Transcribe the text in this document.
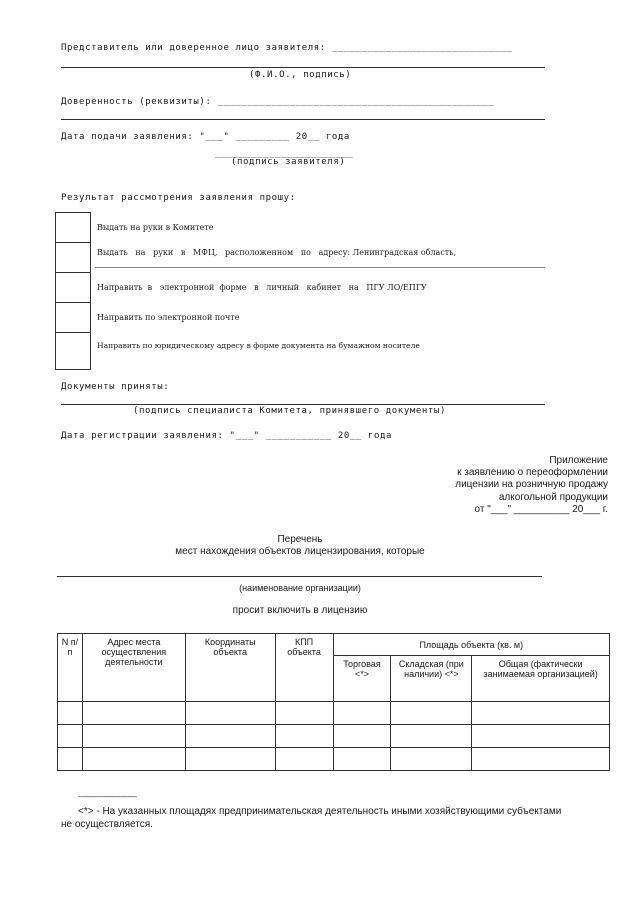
Представитель или доверенное лицо заявителя: ______________________________
(Ф.И.О., подпись)
Доверенность (реквизиты): ______________________________________________
Дата подачи заявления: "___" _________ 20__ года
_______________________
(подпись заявителя)
Результат рассмотрения заявления прошу:
Выдать на руки в Комитете
Выдать   на   руки   в   МФЦ,   расположенном   по   адресу: Ленинградская область,
Направить  в   электронной  форме   в   личный   кабинет   на   ПГУ ЛО/ЕПГУ
Направить по электронной почте
Направить по юридическому адресу в форме документа на бумажном носителе
Документы приняты:
(подпись специалиста Комитета, принявшего документы)
Дата регистрации заявления: "___" ___________ 20__ года
Приложение
к заявлению о переоформлении
лицензии на розничную продажу
алкогольной продукции
от "___" __________ 20___ г.
Перечень
мест нахождения объектов лицензирования, которые
(наименование организации)
просит включить в лицензию
N п/п	Адрес места осуществления деятельности	Координаты объекта	КПП объекта	Площадь объекта (кв. м)		
				Торговая <*>	Складская (при наличии) <*>	Общая (фактически занимаемая организацией)

--------------------------------
<*> - На указанных площадях предпринимательская деятельность иными хозяйствующими субъектами
не осуществляется.
